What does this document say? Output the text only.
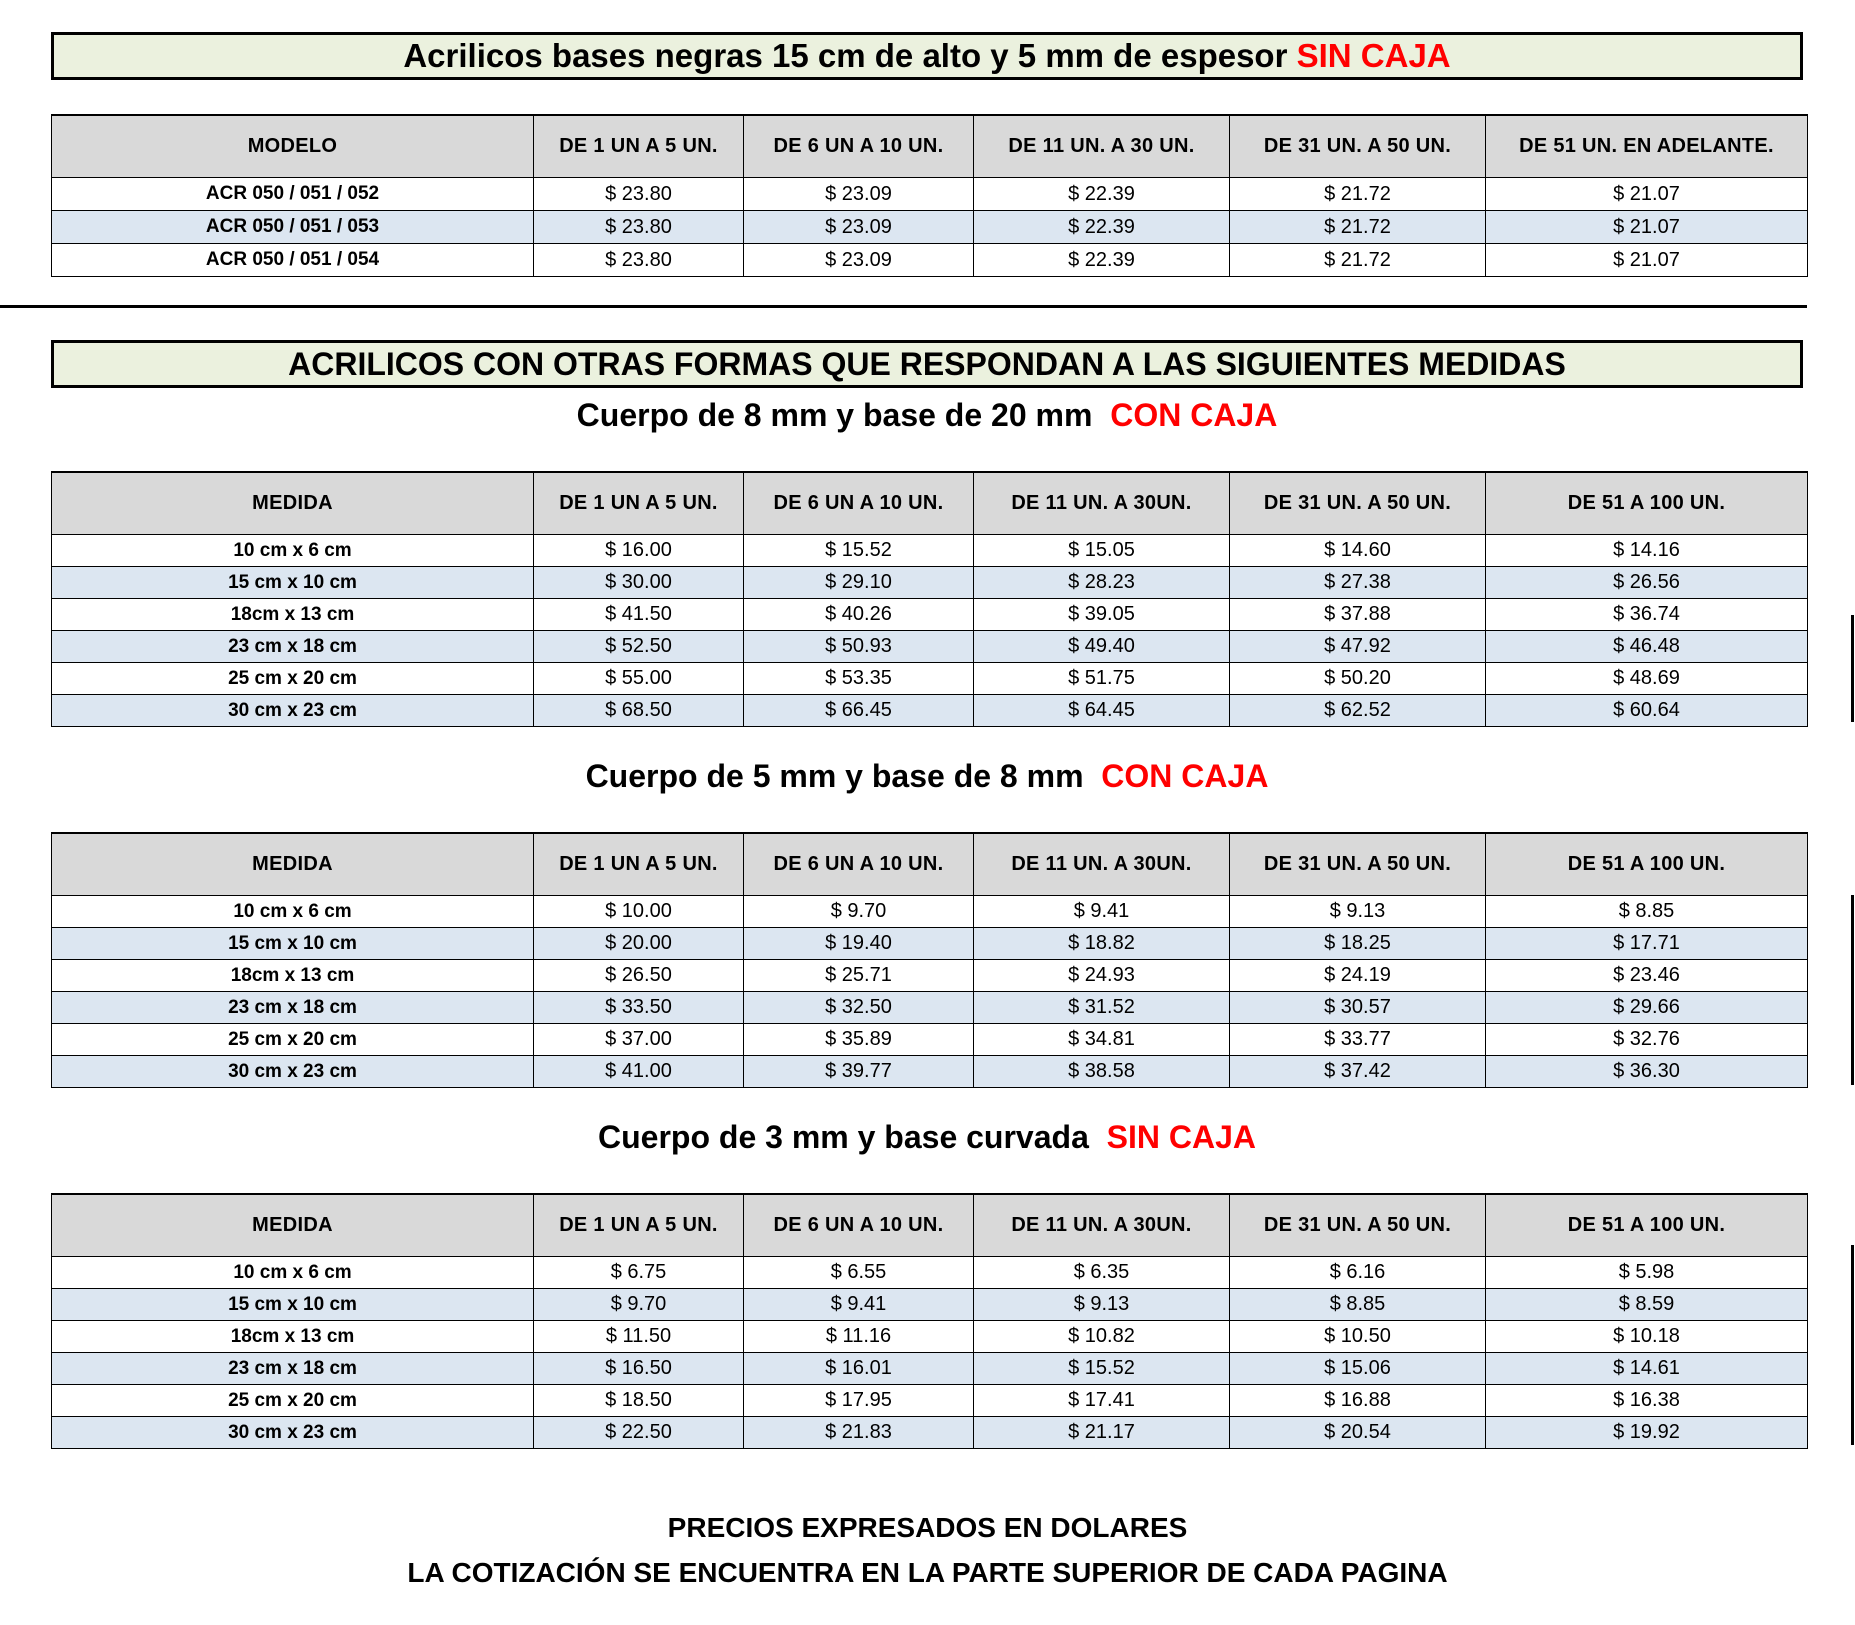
Acrilicos bases negras 15 cm de alto y 5 mm de espesor
SIN CAJA
MODELO	DE 1 UN A 5 UN.	DE 6 UN A 10 UN.	DE 11 UN. A 30 UN.	DE 31 UN. A 50 UN.	DE 51 UN. EN ADELANTE.
ACR 050 / 051 / 052	$ 23.80	$ 23.09	$ 22.39	$ 21.72	$ 21.07
ACR 050 / 051 / 053	$ 23.80	$ 23.09	$ 22.39	$ 21.72	$ 21.07
ACR 050 / 051 / 054	$ 23.80	$ 23.09	$ 22.39	$ 21.72	$ 21.07
ACRILICOS CON OTRAS FORMAS QUE RESPONDAN A LAS SIGUIENTES MEDIDAS
Cuerpo de 8 mm y base de 20 mm  CON CAJA
MEDIDA	DE 1 UN A 5 UN.	DE 6 UN A 10 UN.	DE 11 UN. A 30UN.	DE 31 UN. A 50 UN.	DE 51 A 100 UN.
10 cm x 6 cm	$ 16.00	$ 15.52	$ 15.05	$ 14.60	$ 14.16
15 cm x 10 cm	$ 30.00	$ 29.10	$ 28.23	$ 27.38	$ 26.56
18cm x 13 cm	$ 41.50	$ 40.26	$ 39.05	$ 37.88	$ 36.74
23 cm x 18 cm	$ 52.50	$ 50.93	$ 49.40	$ 47.92	$ 46.48
25 cm x 20 cm	$ 55.00	$ 53.35	$ 51.75	$ 50.20	$ 48.69
30 cm x 23 cm	$ 68.50	$ 66.45	$ 64.45	$ 62.52	$ 60.64
Cuerpo de 5 mm y base de 8 mm  CON CAJA
MEDIDA	DE 1 UN A 5 UN.	DE 6 UN A 10 UN.	DE 11 UN. A 30UN.	DE 31 UN. A 50 UN.	DE 51 A 100 UN.
10 cm x 6 cm	$ 10.00	$ 9.70	$ 9.41	$ 9.13	$ 8.85
15 cm x 10 cm	$ 20.00	$ 19.40	$ 18.82	$ 18.25	$ 17.71
18cm x 13 cm	$ 26.50	$ 25.71	$ 24.93	$ 24.19	$ 23.46
23 cm x 18 cm	$ 33.50	$ 32.50	$ 31.52	$ 30.57	$ 29.66
25 cm x 20 cm	$ 37.00	$ 35.89	$ 34.81	$ 33.77	$ 32.76
30 cm x 23 cm	$ 41.00	$ 39.77	$ 38.58	$ 37.42	$ 36.30
Cuerpo de 3 mm y base curvada  SIN CAJA
MEDIDA	DE 1 UN A 5 UN.	DE 6 UN A 10 UN.	DE 11 UN. A 30UN.	DE 31 UN. A 50 UN.	DE 51 A 100 UN.
10 cm x 6 cm	$ 6.75	$ 6.55	$ 6.35	$ 6.16	$ 5.98
15 cm x 10 cm	$ 9.70	$ 9.41	$ 9.13	$ 8.85	$ 8.59
18cm x 13 cm	$ 11.50	$ 11.16	$ 10.82	$ 10.50	$ 10.18
23 cm x 18 cm	$ 16.50	$ 16.01	$ 15.52	$ 15.06	$ 14.61
25 cm x 20 cm	$ 18.50	$ 17.95	$ 17.41	$ 16.88	$ 16.38
30 cm x 23 cm	$ 22.50	$ 21.83	$ 21.17	$ 20.54	$ 19.92
PRECIOS EXPRESADOS EN DOLARES
LA COTIZACIÓN SE ENCUENTRA EN LA PARTE SUPERIOR DE CADA PAGINA
